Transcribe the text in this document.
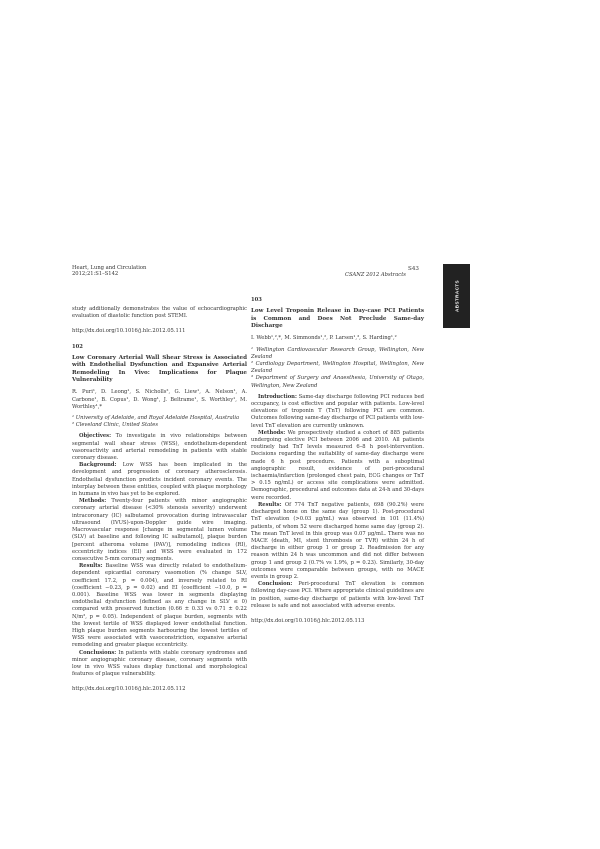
Heart, Lung and Circulation
2012;21:S1–S142	CSANZ 2012 Abstracts
S43
ABSTRACTS

study additionally demonstrates the value of echocardiographic evaluation of diastolic function post STEMI.

http://dx.doi.org/10.1016/j.hlc.2012.05.111

102

Low Coronary Arterial Wall Shear Stress is Associated with Endothelial Dysfunction and Expansive Arterial Remodeling In Vivo: Implications for Plaque Vulnerability

R. Puri¹, D. Leong¹, S. Nicholls², G. Liew¹, A. Nelson¹, A. Carbone¹, B. Copus¹, D. Wong¹, J. Beltrame¹, S. Worthley¹, M. Worthley¹,*

¹ University of Adelaide, and Royal Adelaide Hospital, Australia

² Cleveland Clinic, United States

Objectives: To investigate in vivo relationships between segmental wall shear stress (WSS), endothelium-dependent vasoreactivity and arterial remodeling in patients with stable coronary disease.

Background: Low WSS has been implicated in the development and progression of coronary atherosclerosis. Endothelial dysfunction predicts incident coronary events. The interplay between these entities, coupled with plaque morphology in humans in vivo has yet to be explored.

Methods: Twenty-four patients with minor angiographic coronary arterial disease (<30% stenosis severity) underwent intracoronary (IC) salbutamol provocation during intravascular ultrasound (IVUS)-upon-Doppler guide wire imaging. Macrovascular response [change in segmental lumen volume (SLV) at baseline and following IC salbutamol], plaque burden [percent atheroma volume (PAV)], remodeling indices (RI), eccentricity indices (EI) and WSS were evaluated in 172 consecutive 5-mm coronary segments.

Results: Baseline WSS was directly related to endothelium-dependent epicardial coronary vasomotion (% change SLV, coefficient 17.2, p = 0.004), and inversely related to RI (coefficient −0.23, p = 0.02) and EI (coefficient −10.0, p = 0.001). Baseline WSS was lower in segments displaying endothelial dysfunction (defined as any change in SLV ≤ 0) compared with preserved function (0.66 ± 0.33 vs 0.71 ± 0.22 N/m², p = 0.05). Independent of plaque burden, segments with the lowest tertile of WSS displayed lower endothelial function. High plaque burden segments harbouring the lowest tertiles of WSS were associated with vasoconstriction, expansive arterial remodeling and greater plaque eccentricity.

Conclusions: In patients with stable coronary syndromes and minor angiographic coronary disease, coronary segments with low in vivo WSS values display functional and morphological features of plaque vulnerability.

http://dx.doi.org/10.1016/j.hlc.2012.05.112

103

Low Level Troponin Release in Day-case PCI Patients is Common and Does Not Preclude Same-day Discharge

I. Webb¹,²,*, M. Simmonds¹,², P. Larsen¹,³, S. Harding¹,²

¹ Wellington Cardiovascular Research Group, Wellington, New Zealand

² Cardiology Department, Wellington Hospital, Wellington, New Zealand

³ Department of Surgery and Anaesthesia, University of Otago, Wellington, New Zealand

Introduction: Same-day discharge following PCI reduces bed occupancy, is cost effective and popular with patients. Low-level elevations of troponin T (TnT) following PCI are common. Outcomes following same-day discharge of PCI patients with low-level TnT elevation are currently unknown.

Methods: We prospectively studied a cohort of 885 patients undergoing elective PCI between 2006 and 2010. All patients routinely had TnT levels measured 6–8 h post-intervention. Decisions regarding the suitability of same-day discharge were made 6 h post procedure. Patients with a suboptimal angiographic result, evidence of peri-procedural ischaemia/infarction (prolonged chest pain, ECG changes or TnT > 0.15 ng/mL) or access site complications were admitted. Demographic, procedural and outcomes data at 24-h and 30-days were recorded.

Results: Of 774 TnT negative patients, 698 (90.2%) were discharged home on the same day (group 1). Post-procedural TnT elevation (>0.03 μg/mL) was observed in 101 (11.4%) patients, of whom 52 were discharged home same day (group 2). The mean TnT level in this group was 0.07 μg/mL. There was no MACE (death, MI, stent thrombosis or TVR) within 24 h of discharge in either group 1 or group 2. Readmission for any reason within 24 h was uncommon and did not differ between group 1 and group 2 (0.7% vs 1.9%, p = 0.23). Similarly, 30-day outcomes were comparable between groups, with no MACE events in group 2.

Conclusion: Peri-procedural TnT elevation is common following day-case PCI. Where appropriate clinical guidelines are in position, same-day discharge of patients with low-level TnT release is safe and not associated with adverse events.

http://dx.doi.org/10.1016/j.hlc.2012.05.113
